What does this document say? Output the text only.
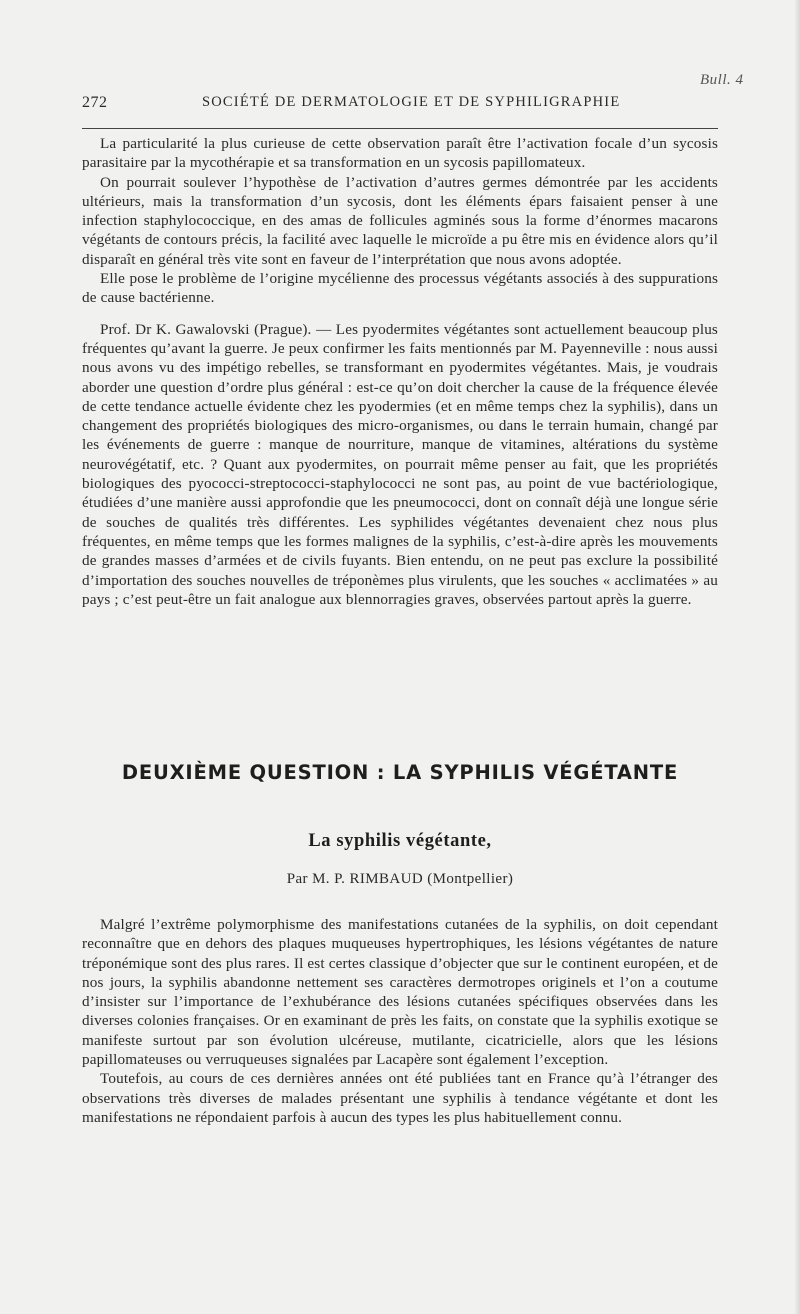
Bull. 4
272	SOCIÉTÉ DE DERMATOLOGIE ET DE SYPHILIGRAPHIE

La particularité la plus curieuse de cette observation paraît être l’activation focale d’un sycosis parasitaire par la mycothérapie et sa transformation en un sycosis papillomateux.

On pourrait soulever l’hypothèse de l’activation d’autres germes démontrée par les accidents ultérieurs, mais la transformation d’un sycosis, dont les éléments épars faisaient penser à une infection staphylococcique, en des amas de follicules agminés sous la forme d’énormes macarons végétants de contours précis, la facilité avec laquelle le microïde a pu être mis en évidence alors qu’il disparaît en général très vite sont en faveur de l’interprétation que nous avons adoptée.

Elle pose le problème de l’origine mycélienne des processus végétants associés à des suppurations de cause bactérienne.

Prof. Dr K. Gawalovski (Prague). — Les pyodermites végétantes sont actuellement beaucoup plus fréquentes qu’avant la guerre. Je peux confirmer les faits mentionnés par M. Payenneville : nous aussi nous avons vu des impétigo rebelles, se transformant en pyodermites végétantes. Mais, je voudrais aborder une question d’ordre plus général : est-ce qu’on doit chercher la cause de la fréquence élevée de cette tendance actuelle évidente chez les pyodermies (et en même temps chez la syphilis), dans un changement des propriétés biologiques des micro-organismes, ou dans le terrain humain, changé par les événements de guerre : manque de nourriture, manque de vitamines, altérations du système neurovégétatif, etc. ? Quant aux pyodermites, on pourrait même penser au fait, que les propriétés biologiques des pyococci-streptococci-staphylococci ne sont pas, au point de vue bactériologique, étudiées d’une manière aussi approfondie que les pneumococci, dont on connaît déjà une longue série de souches de qualités très différentes. Les syphilides végétantes devenaient chez nous plus fréquentes, en même temps que les formes malignes de la syphilis, c’est-à-dire après les mouvements de grandes masses d’armées et de civils fuyants. Bien entendu, on ne peut pas exclure la possibilité d’importation des souches nouvelles de tréponèmes plus virulents, que les souches « acclimatées » au pays ; c’est peut-être un fait analogue aux blennorragies graves, observées partout après la guerre.

DEUXIÈME QUESTION : LA SYPHILIS VÉGÉTANTE
La syphilis végétante,
Par M. P. RIMBAUD (Montpellier)

Malgré l’extrême polymorphisme des manifestations cutanées de la syphilis, on doit cependant reconnaître que en dehors des plaques muqueuses hypertrophiques, les lésions végétantes de nature tréponémique sont des plus rares. Il est certes classique d’objecter que sur le continent européen, et de nos jours, la syphilis abandonne nettement ses caractères dermotropes originels et l’on a coutume d’insister sur l’importance de l’exhubérance des lésions cutanées spécifiques observées dans les diverses colonies françaises. Or en examinant de près les faits, on constate que la syphilis exotique se manifeste surtout par son évolution ulcéreuse, mutilante, cicatricielle, alors que les lésions papillomateuses ou verruqueuses signalées par Lacapère sont également l’exception.

Toutefois, au cours de ces dernières années ont été publiées tant en France qu’à l’étranger des observations très diverses de malades présentant une syphilis à tendance végétante et dont les manifestations ne répondaient parfois à aucun des types les plus habituellement connu.
